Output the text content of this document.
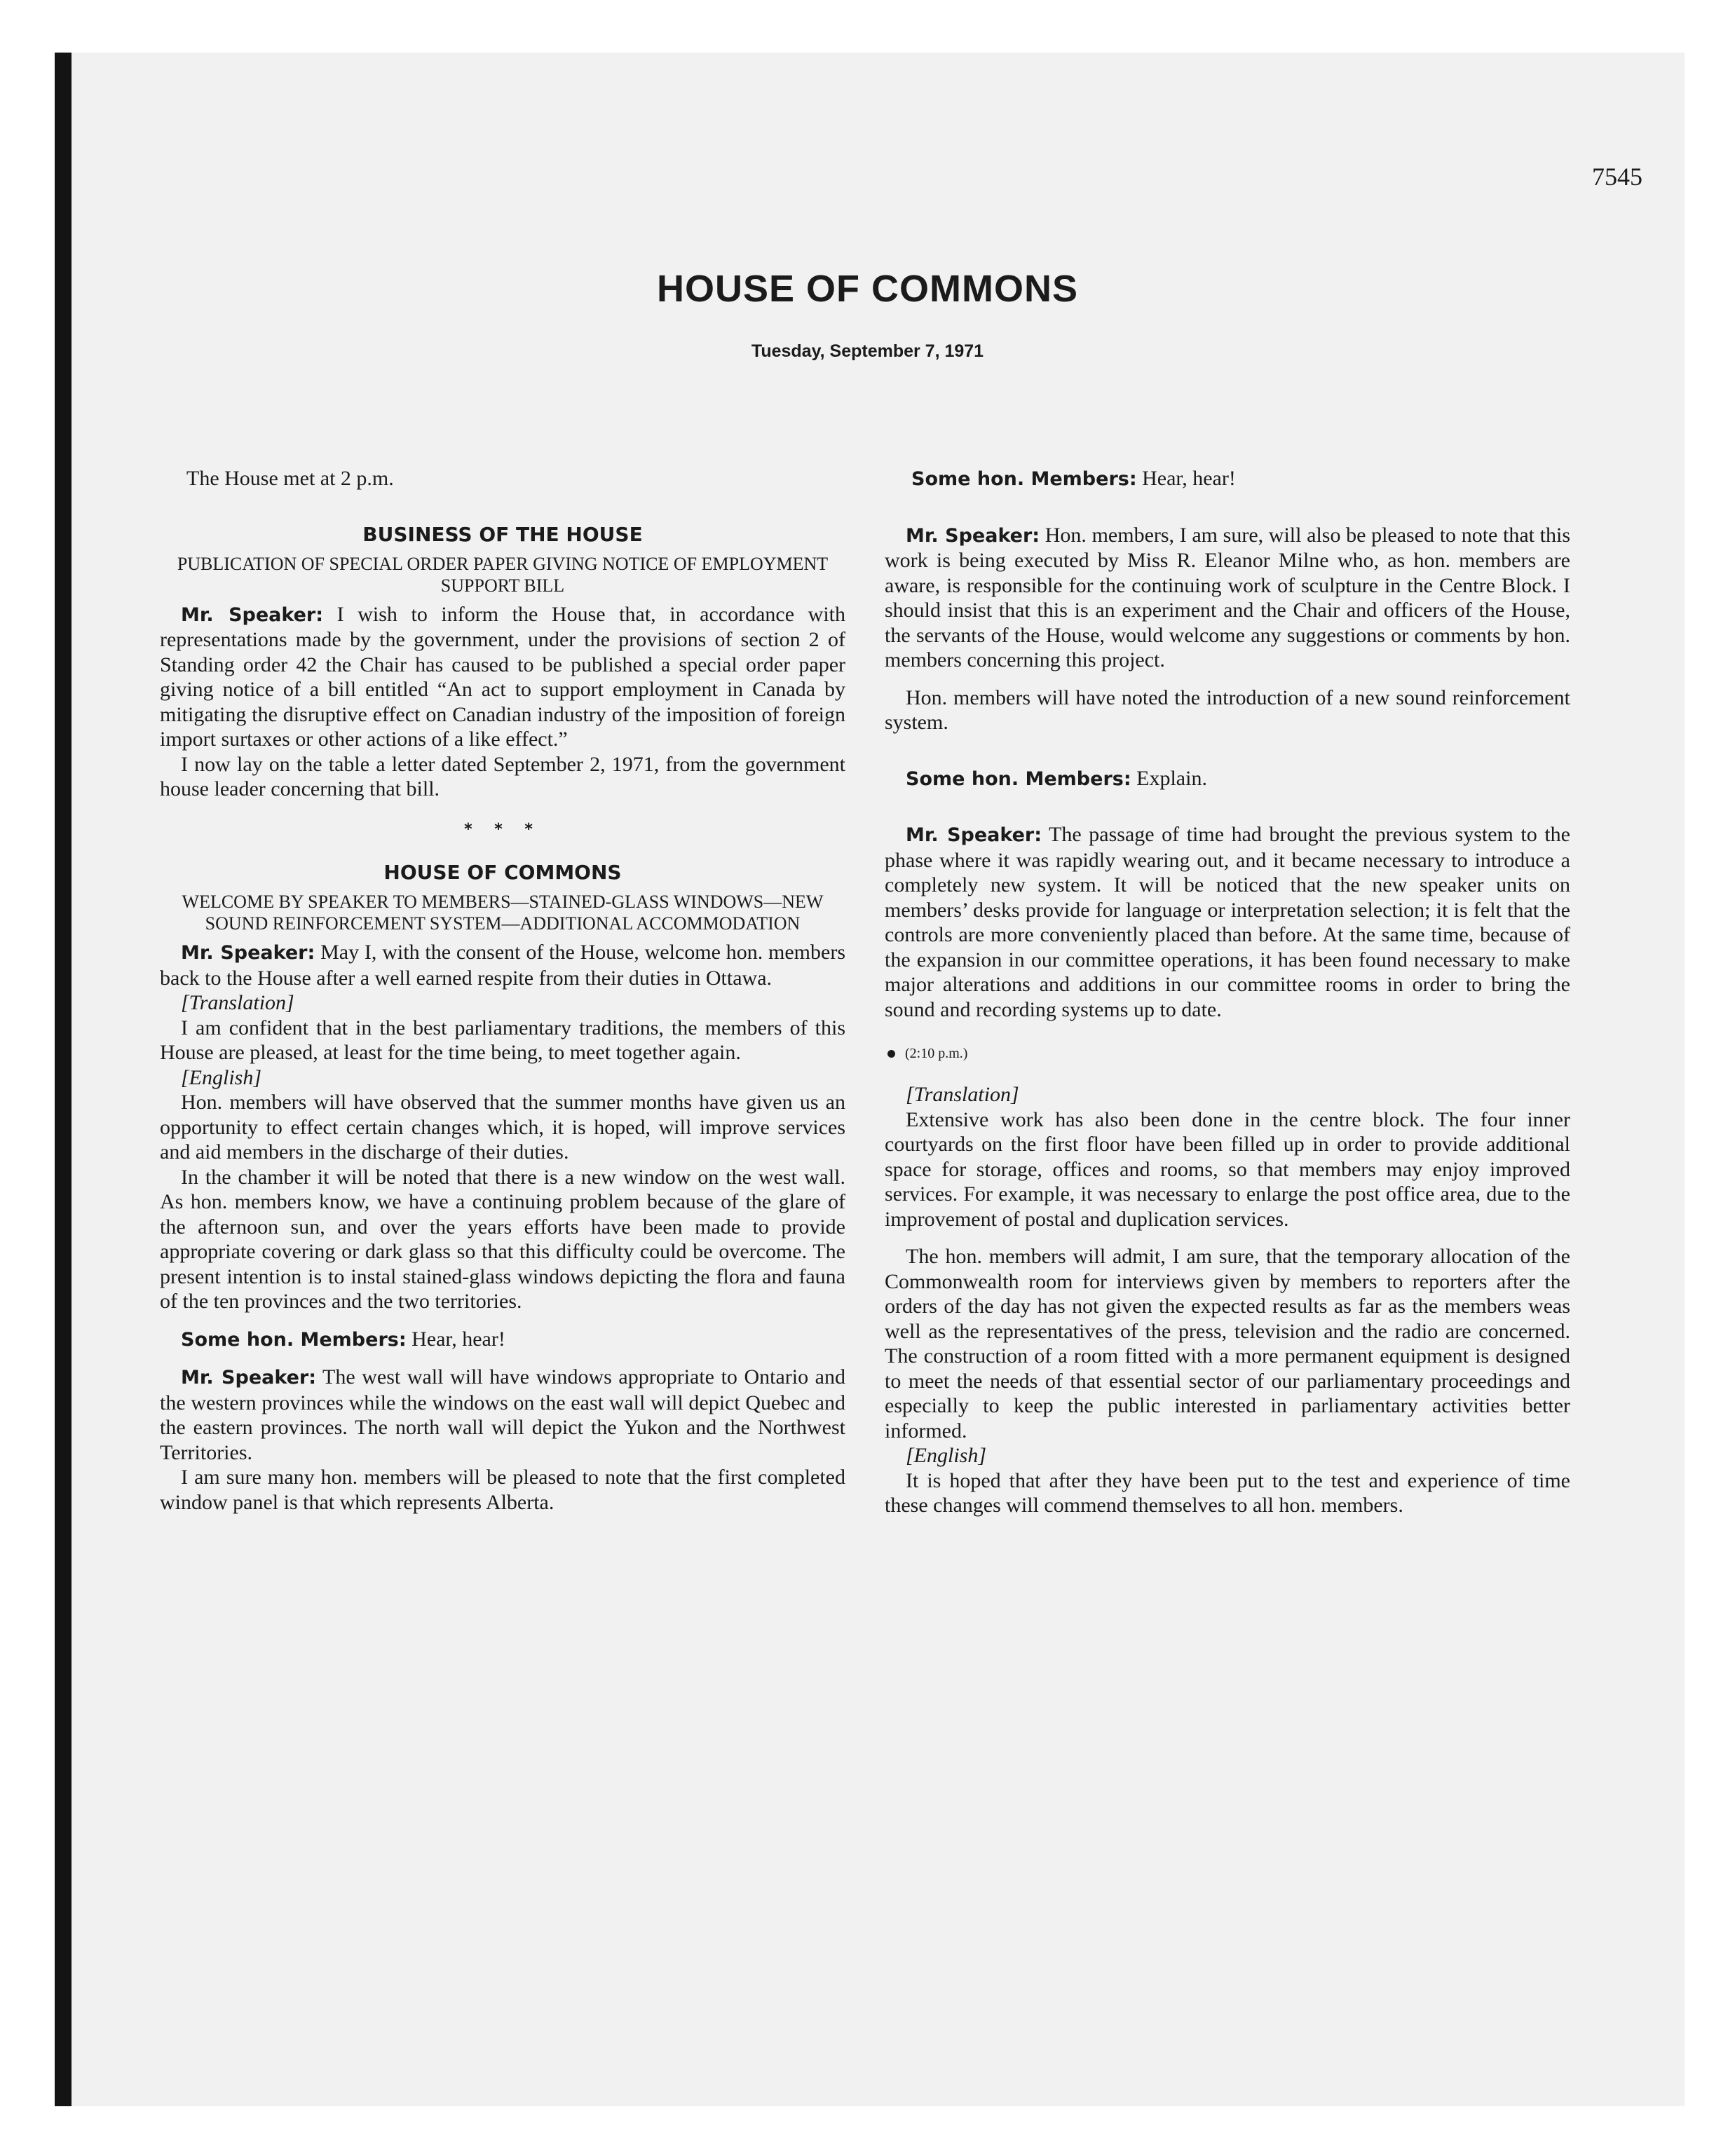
7545
HOUSE OF COMMONS
Tuesday, September 7, 1971

The House met at 2 p.m.

BUSINESS OF THE HOUSE
PUBLICATION OF SPECIAL ORDER PAPER GIVING NOTICE OF EMPLOYMENT SUPPORT BILL

Mr. Speaker: I wish to inform the House that, in accordance with representations made by the government, under the provisions of section 2 of Standing order 42 the Chair has caused to be published a special order paper giving notice of a bill entitled “An act to support employment in Canada by mitigating the disruptive effect on Canadian industry of the imposition of foreign import surtaxes or other actions of a like effect.”

I now lay on the table a letter dated September 2, 1971, from the government house leader concerning that bill.

* * *
HOUSE OF COMMONS
WELCOME BY SPEAKER TO MEMBERS—STAINED-GLASS WINDOWS—NEW SOUND REINFORCEMENT SYSTEM—ADDITIONAL ACCOMMODATION

Mr. Speaker: May I, with the consent of the House, welcome hon. members back to the House after a well earned respite from their duties in Ottawa.

[Translation]

I am confident that in the best parliamentary traditions, the members of this House are pleased, at least for the time being, to meet together again.

[English]

Hon. members will have observed that the summer months have given us an opportunity to effect certain changes which, it is hoped, will improve services and aid members in the discharge of their duties.

In the chamber it will be noted that there is a new window on the west wall. As hon. members know, we have a continuing problem because of the glare of the afternoon sun, and over the years efforts have been made to provide appropriate covering or dark glass so that this difficulty could be overcome. The present intention is to instal stained-glass windows depicting the flora and fauna of the ten provinces and the two territories.

Some hon. Members: Hear, hear!

Mr. Speaker: The west wall will have windows appropriate to Ontario and the western provinces while the windows on the east wall will depict Quebec and the eastern provinces. The north wall will depict the Yukon and the Northwest Territories.

I am sure many hon. members will be pleased to note that the first completed window panel is that which represents Alberta.

Some hon. Members: Hear, hear!

Mr. Speaker: Hon. members, I am sure, will also be pleased to note that this work is being executed by Miss R. Eleanor Milne who, as hon. members are aware, is responsible for the continuing work of sculpture in the Centre Block. I should insist that this is an experiment and the Chair and officers of the House, the servants of the House, would welcome any suggestions or comments by hon. members concerning this project.

Hon. members will have noted the introduction of a new sound reinforcement system.

Some hon. Members: Explain.

Mr. Speaker: The passage of time had brought the previous system to the phase where it was rapidly wearing out, and it became necessary to introduce a completely new system. It will be noticed that the new speaker units on members’ desks provide for language or interpretation selection; it is felt that the controls are more conveniently placed than before. At the same time, because of the expansion in our committee operations, it has been found necessary to make major alterations and additions in our committee rooms in order to bring the sound and recording systems up to date.

(2:10 p.m.)

[Translation]

Extensive work has also been done in the centre block. The four inner courtyards on the first floor have been filled up in order to provide additional space for storage, offices and rooms, so that members may enjoy improved services. For example, it was necessary to enlarge the post office area, due to the improvement of postal and duplication services.

The hon. members will admit, I am sure, that the temporary allocation of the Commonwealth room for interviews given by members to reporters after the orders of the day has not given the expected results as far as the members weas well as the representatives of the press, television and the radio are concerned. The construction of a room fitted with a more permanent equipment is designed to meet the needs of that essential sector of our parliamentary proceedings and especially to keep the public interested in parliamentary activities better informed.

[English]

It is hoped that after they have been put to the test and experience of time these changes will commend themselves to all hon. members.
